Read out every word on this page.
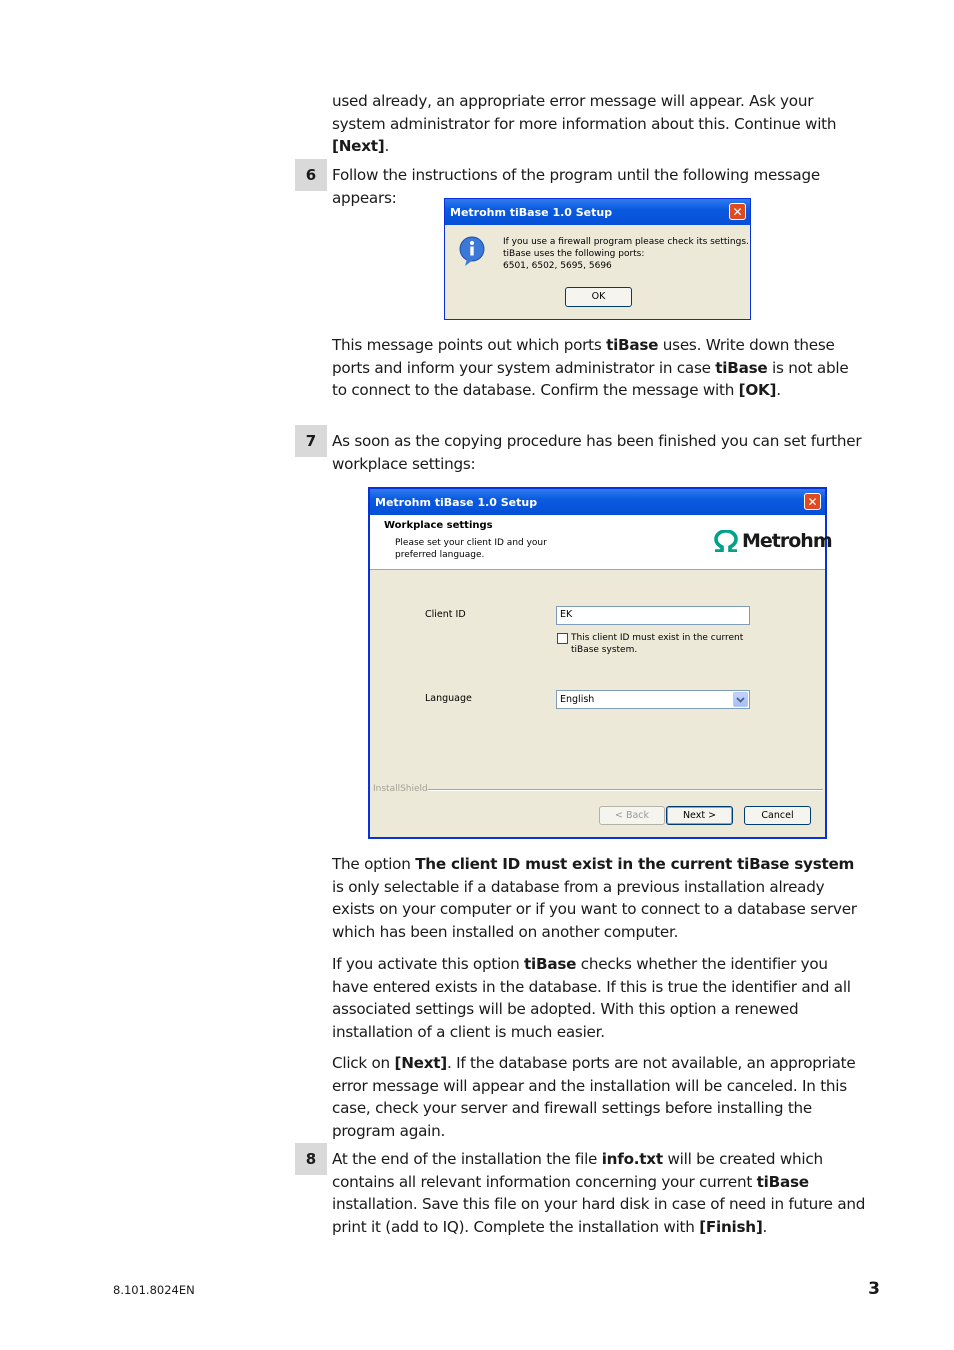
used already, an appropriate error message will appear. Ask your system administrator for more information about this. Continue with [Next].
6	Follow the instructions of the program until the following message appears:
Metrohm tiBase 1.0 Setup	✕
If you use a firewall program please check its settings.
tiBase uses the following ports:
6501, 6502, 5695, 5696
OK
This message points out which ports tiBase uses. Write down these ports and inform your system administrator in case tiBase is not able to connect to the database. Confirm the message with [OK].
7	As soon as the copying procedure has been finished you can set further workplace settings:
Metrohm tiBase 1.0 Setup	✕
Workplace settings
Please set your client ID and your
preferred language.
Metrohm
Client ID	EK
This client ID must exist in the current
tiBase system.
Language	English
InstallShield
< Back	Next >	Cancel
The option The client ID must exist in the current tiBase system is only selectable if a database from a previous installation already exists on your computer or if you want to connect to a database server which has been installed on another computer.
If you activate this option tiBase checks whether the identifier you have entered exists in the database. If this is true the identifier and all associated settings will be adopted. With this option a renewed installation of a client is much easier.
Click on [Next]. If the database ports are not available, an appropriate error message will appear and the installation will be canceled. In this case, check your server and firewall settings before installing the program again.
8	At the end of the installation the file info.txt will be created which contains all relevant information concerning your current tiBase installation. Save this file on your hard disk in case of need in future and print it (add to IQ). Complete the installation with [Finish].
8.101.8024EN	3
